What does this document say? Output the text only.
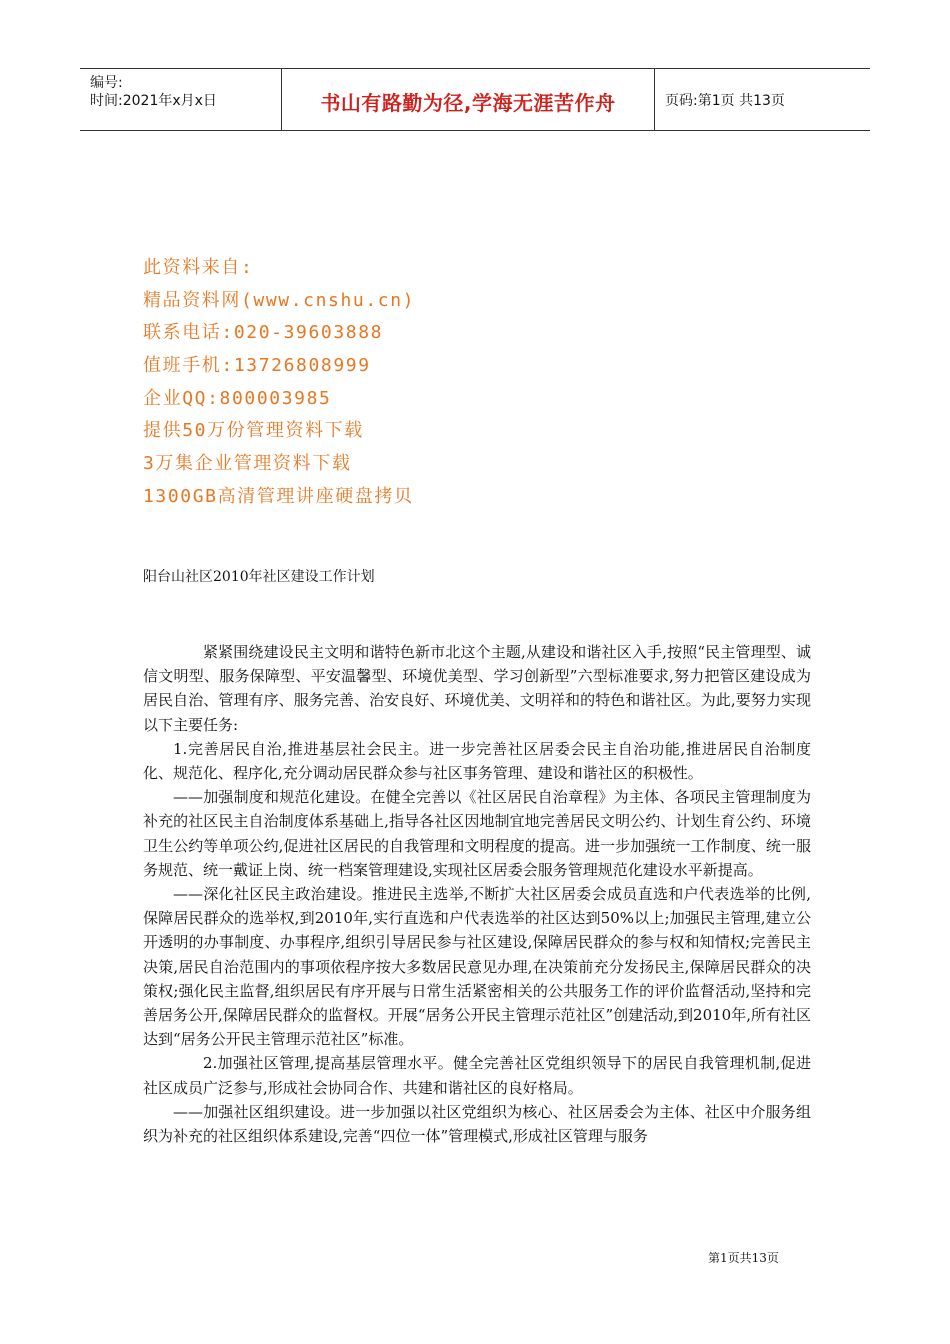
编号:
时间:2021年x月x日	书山有路勤为径,学海无涯苦作舟	页码:第1页 共13页
此资料来自:
精品资料网(www.cnshu.cn)
联系电话:020-39603888
值班手机:13726808999
企业QQ:800003985
提供50万份管理资料下载
3万集企业管理资料下载
1300GB高清管理讲座硬盘拷贝
阳台山社区2010年社区建设工作计划

紧紧围绕建设民主文明和谐特色新市北这个主题,从建设和谐社区入手,按照“民主管理型、诚信文明型、服务保障型、平安温馨型、环境优美型、学习创新型”六型标准要求,努力把管区建设成为居民自治、管理有序、服务完善、治安良好、环境优美、文明祥和的特色和谐社区。为此,要努力实现以下主要任务:

1.完善居民自治,推进基层社会民主。进一步完善社区居委会民主自治功能,推进居民自治制度化、规范化、程序化,充分调动居民群众参与社区事务管理、建设和谐社区的积极性。

——加强制度和规范化建设。在健全完善以《社区居民自治章程》为主体、各项民主管理制度为补充的社区民主自治制度体系基础上,指导各社区因地制宜地完善居民文明公约、计划生育公约、环境卫生公约等单项公约,促进社区居民的自我管理和文明程度的提高。进一步加强统一工作制度、统一服务规范、统一戴证上岗、统一档案管理建设,实现社区居委会服务管理规范化建设水平新提高。

——深化社区民主政治建设。推进民主选举,不断扩大社区居委会成员直选和户代表选举的比例,保障居民群众的选举权,到2010年,实行直选和户代表选举的社区达到50%以上;加强民主管理,建立公开透明的办事制度、办事程序,组织引导居民参与社区建设,保障居民群众的参与权和知情权;完善民主决策,居民自治范围内的事项依程序按大多数居民意见办理,在决策前充分发扬民主,保障居民群众的决策权;强化民主监督,组织居民有序开展与日常生活紧密相关的公共服务工作的评价监督活动,坚持和完善居务公开,保障居民群众的监督权。开展“居务公开民主管理示范社区”创建活动,到2010年,所有社区达到“居务公开民主管理示范社区”标准。

2.加强社区管理,提高基层管理水平。健全完善社区党组织领导下的居民自我管理机制,促进社区成员广泛参与,形成社会协同合作、共建和谐社区的良好格局。

——加强社区组织建设。进一步加强以社区党组织为核心、社区居委会为主体、社区中介服务组织为补充的社区组织体系建设,完善“四位一体”管理模式,形成社区管理与服务

第1页共13页
